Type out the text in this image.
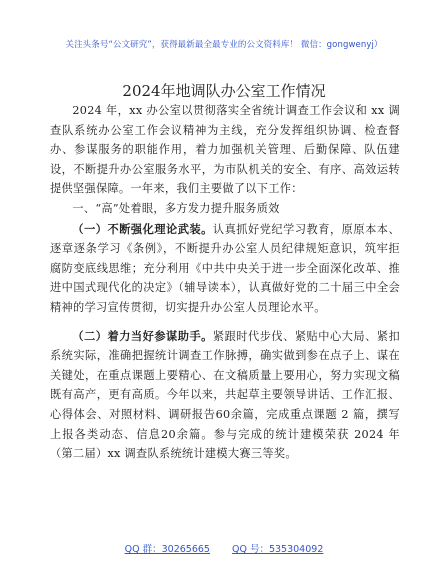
关注头条号“公文研究”，获得最新最全最专业的公文资料库！ 微信：gongwenyj）
2024年地调队办公室工作情况

2024 年，xx 办公室以贯彻落实全省统计调查工作会议和 xx 调查队系统办公室工作会议精神为主线，充分发挥组织协调、检查督办、参谋服务的职能作用，着力加强机关管理、后勤保障、队伍建设，不断提升办公室服务水平，为市队机关的安全、有序、高效运转提供坚强保障。一年来，我们主要做了以下工作：

一、“高”处着眼，多方发力提升服务质效

（一）不断强化理论武装。认真抓好党纪学习教育，原原本本、逐章逐条学习《条例》，不断提升办公室人员纪律规矩意识，筑牢拒腐防变底线思维；充分利用《中共中央关于进一步全面深化改革、推进中国式现代化的决定》（辅导读本），认真做好党的二十届三中全会精神的学习宣传贯彻，切实提升办公室人员理论水平。

（二）着力当好参谋助手。紧跟时代步伐、紧贴中心大局、紧扣系统实际，准确把握统计调查工作脉搏，确实做到参在点子上、谋在关键处，在重点课题上要精心、在文稿质量上要用心，努力实现文稿既有高产，更有高质。今年以来，共起草主要领导讲话、工作汇报、心得体会、对照材料、调研报告60余篇，完成重点课题 2 篇，撰写上报各类动态、信息20余篇。参与完成的统计建模荣获 2024 年（第二届）xx 调查队系统统计建模大赛三等奖。

QQ 群：30265665 QQ 号：535304092
